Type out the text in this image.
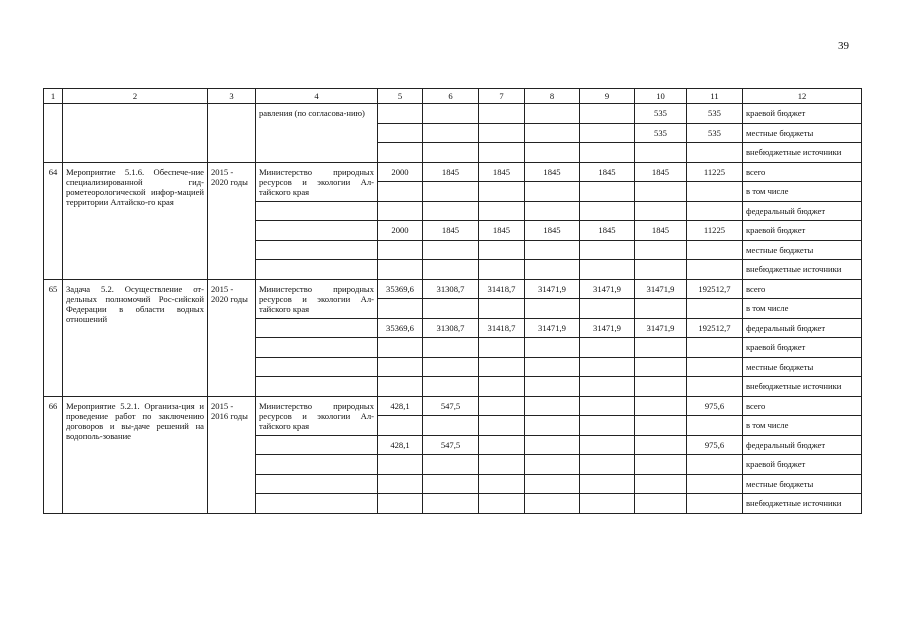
39
1	2	3	4	5	6	7	8	9	10	11	12
			равления (по согласова-нию)						535	535	краевой бюджет
									535	535	местные бюджеты
											внебюджетные источники
64	Мероприятие 5.1.6. Обеспече-ние специализированной гид-рометеорологической инфор-мацией территории Алтайско-го края	2015 - 2020 годы	Министерство природных ресурсов и экологии Ал-тайского края	2000	1845	1845	1845	1845	1845	11225	всего
											в том числе
											федеральный бюджет
				2000	1845	1845	1845	1845	1845	11225	краевой бюджет
											местные бюджеты
											внебюджетные источники
65	Задача 5.2. Осуществление от-дельных полномочий Рос-сийской Федерации в области водных отношений	2015 - 2020 годы	Министерство природных ресурсов и экологии Ал-тайского края	35369,6	31308,7	31418,7	31471,9	31471,9	31471,9	192512,7	всего
											в том числе
				35369,6	31308,7	31418,7	31471,9	31471,9	31471,9	192512,7	федеральный бюджет
											краевой бюджет
											местные бюджеты
											внебюджетные источники
66	Мероприятие 5.2.1. Организа-ция и проведение работ по заключению договоров и вы-даче решений на водополь-зование	2015 - 2016 годы	Министерство природных ресурсов и экологии Ал-тайского края	428,1	547,5					975,6	всего
											в том числе
				428,1	547,5					975,6	федеральный бюджет
											краевой бюджет
											местные бюджеты
											внебюджетные источники
